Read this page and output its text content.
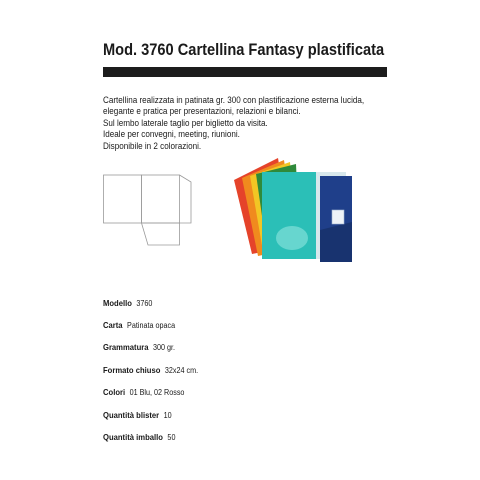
Mod. 3760 Cartellina Fantasy plastificata
Cartellina realizzata in patinata gr. 300 con plastificazione esterna lucida,
elegante e pratica per presentazioni, relazioni e bilanci.
Sul lembo laterale taglio per biglietto da visita.
Ideale per convegni, meeting, riunioni.
Disponibile in 2 colorazioni.
Modello 3760
Carta Patinata opaca
Grammatura 300 gr.
Formato chiuso 32x24 cm.
Colori 01 Blu, 02 Rosso
Quantità blister 10
Quantità imballo 50
